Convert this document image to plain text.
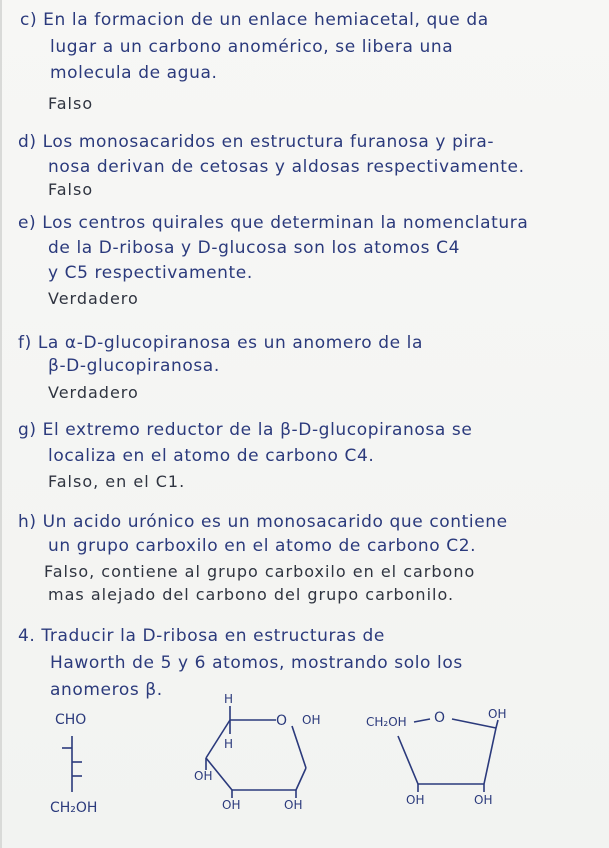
c) En la formacion de un enlace hemiacetal, que da
lugar a un carbono anomérico, se libera una
molecula de agua.
Falso
d) Los monosacaridos en estructura furanosa y pira-
nosa derivan de cetosas y aldosas respectivamente.
Falso
e) Los centros quirales que determinan la nomenclatura
de la D-ribosa y D-glucosa son los atomos C4
y C5 respectivamente.
Verdadero
f) La α-D-glucopiranosa es un anomero de la
β-D-glucopiranosa.
Verdadero
g) El extremo reductor de la β-D-glucopiranosa se
localiza en el atomo de carbono C4.
Falso, en el C1.
h) Un acido urónico es un monosacarido que contiene
un grupo carboxilo en el atomo de carbono C2.
Falso, contiene al grupo carboxilo en el carbono
mas alejado del carbono del grupo carbonilo.
4. Traducir la D-ribosa en estructuras de
Haworth de 5 y 6 atomos, mostrando solo los
anomeros β.
CHO
CH₂OH
H
H
O OH
OH
OH	OH
CH₂OH O	OH
OH	OH
